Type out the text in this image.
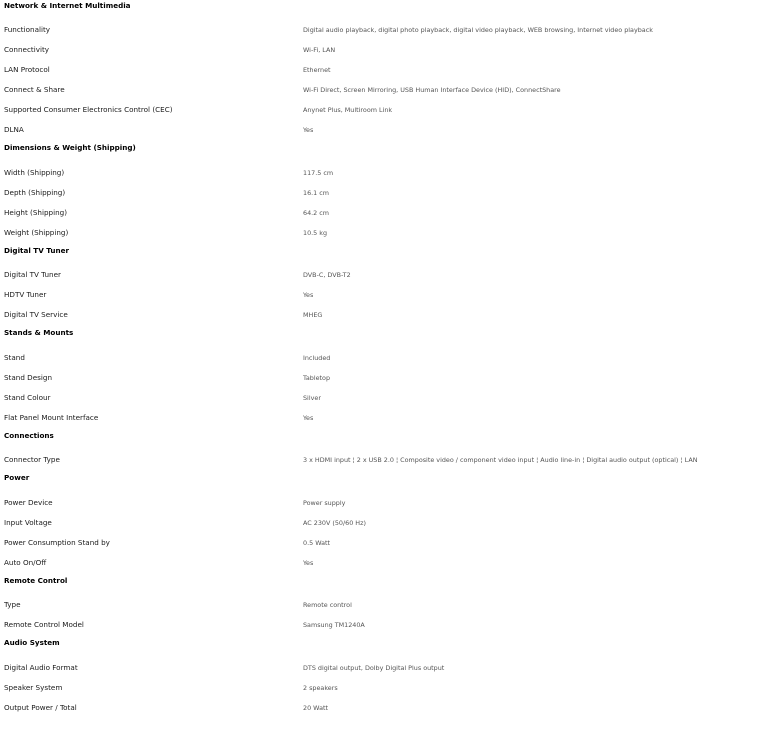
Network & Internet Multimedia
Functionality	Digital audio playback, digital photo playback, digital video playback, WEB browsing, Internet video playback
Connectivity	Wi-Fi, LAN
LAN Protocol	Ethernet
Connect & Share	Wi-Fi Direct, Screen Mirroring, USB Human Interface Device (HID), ConnectShare
Supported Consumer Electronics Control (CEC)	Anynet Plus, Multiroom Link
DLNA	Yes
Dimensions & Weight (Shipping)
Width (Shipping)	117.5 cm
Depth (Shipping)	16.1 cm
Height (Shipping)	64.2 cm
Weight (Shipping)	10.5 kg
Digital TV Tuner
Digital TV Tuner	DVB-C, DVB-T2
HDTV Tuner	Yes
Digital TV Service	MHEG
Stands & Mounts
Stand	Included
Stand Design	Tabletop
Stand Colour	Silver
Flat Panel Mount Interface	Yes
Connections
Connector Type	3 x HDMI input ¦ 2 x USB 2.0 ¦ Composite video / component video input ¦ Audio line-in ¦ Digital audio output (optical) ¦ LAN
Power
Power Device	Power supply
Input Voltage	AC 230V (50/60 Hz)
Power Consumption Stand by	0.5 Watt
Auto On/Off	Yes
Remote Control
Type	Remote control
Remote Control Model	Samsung TM1240A
Audio System
Digital Audio Format	DTS digital output, Dolby Digital Plus output
Speaker System	2 speakers
Output Power / Total	20 Watt
